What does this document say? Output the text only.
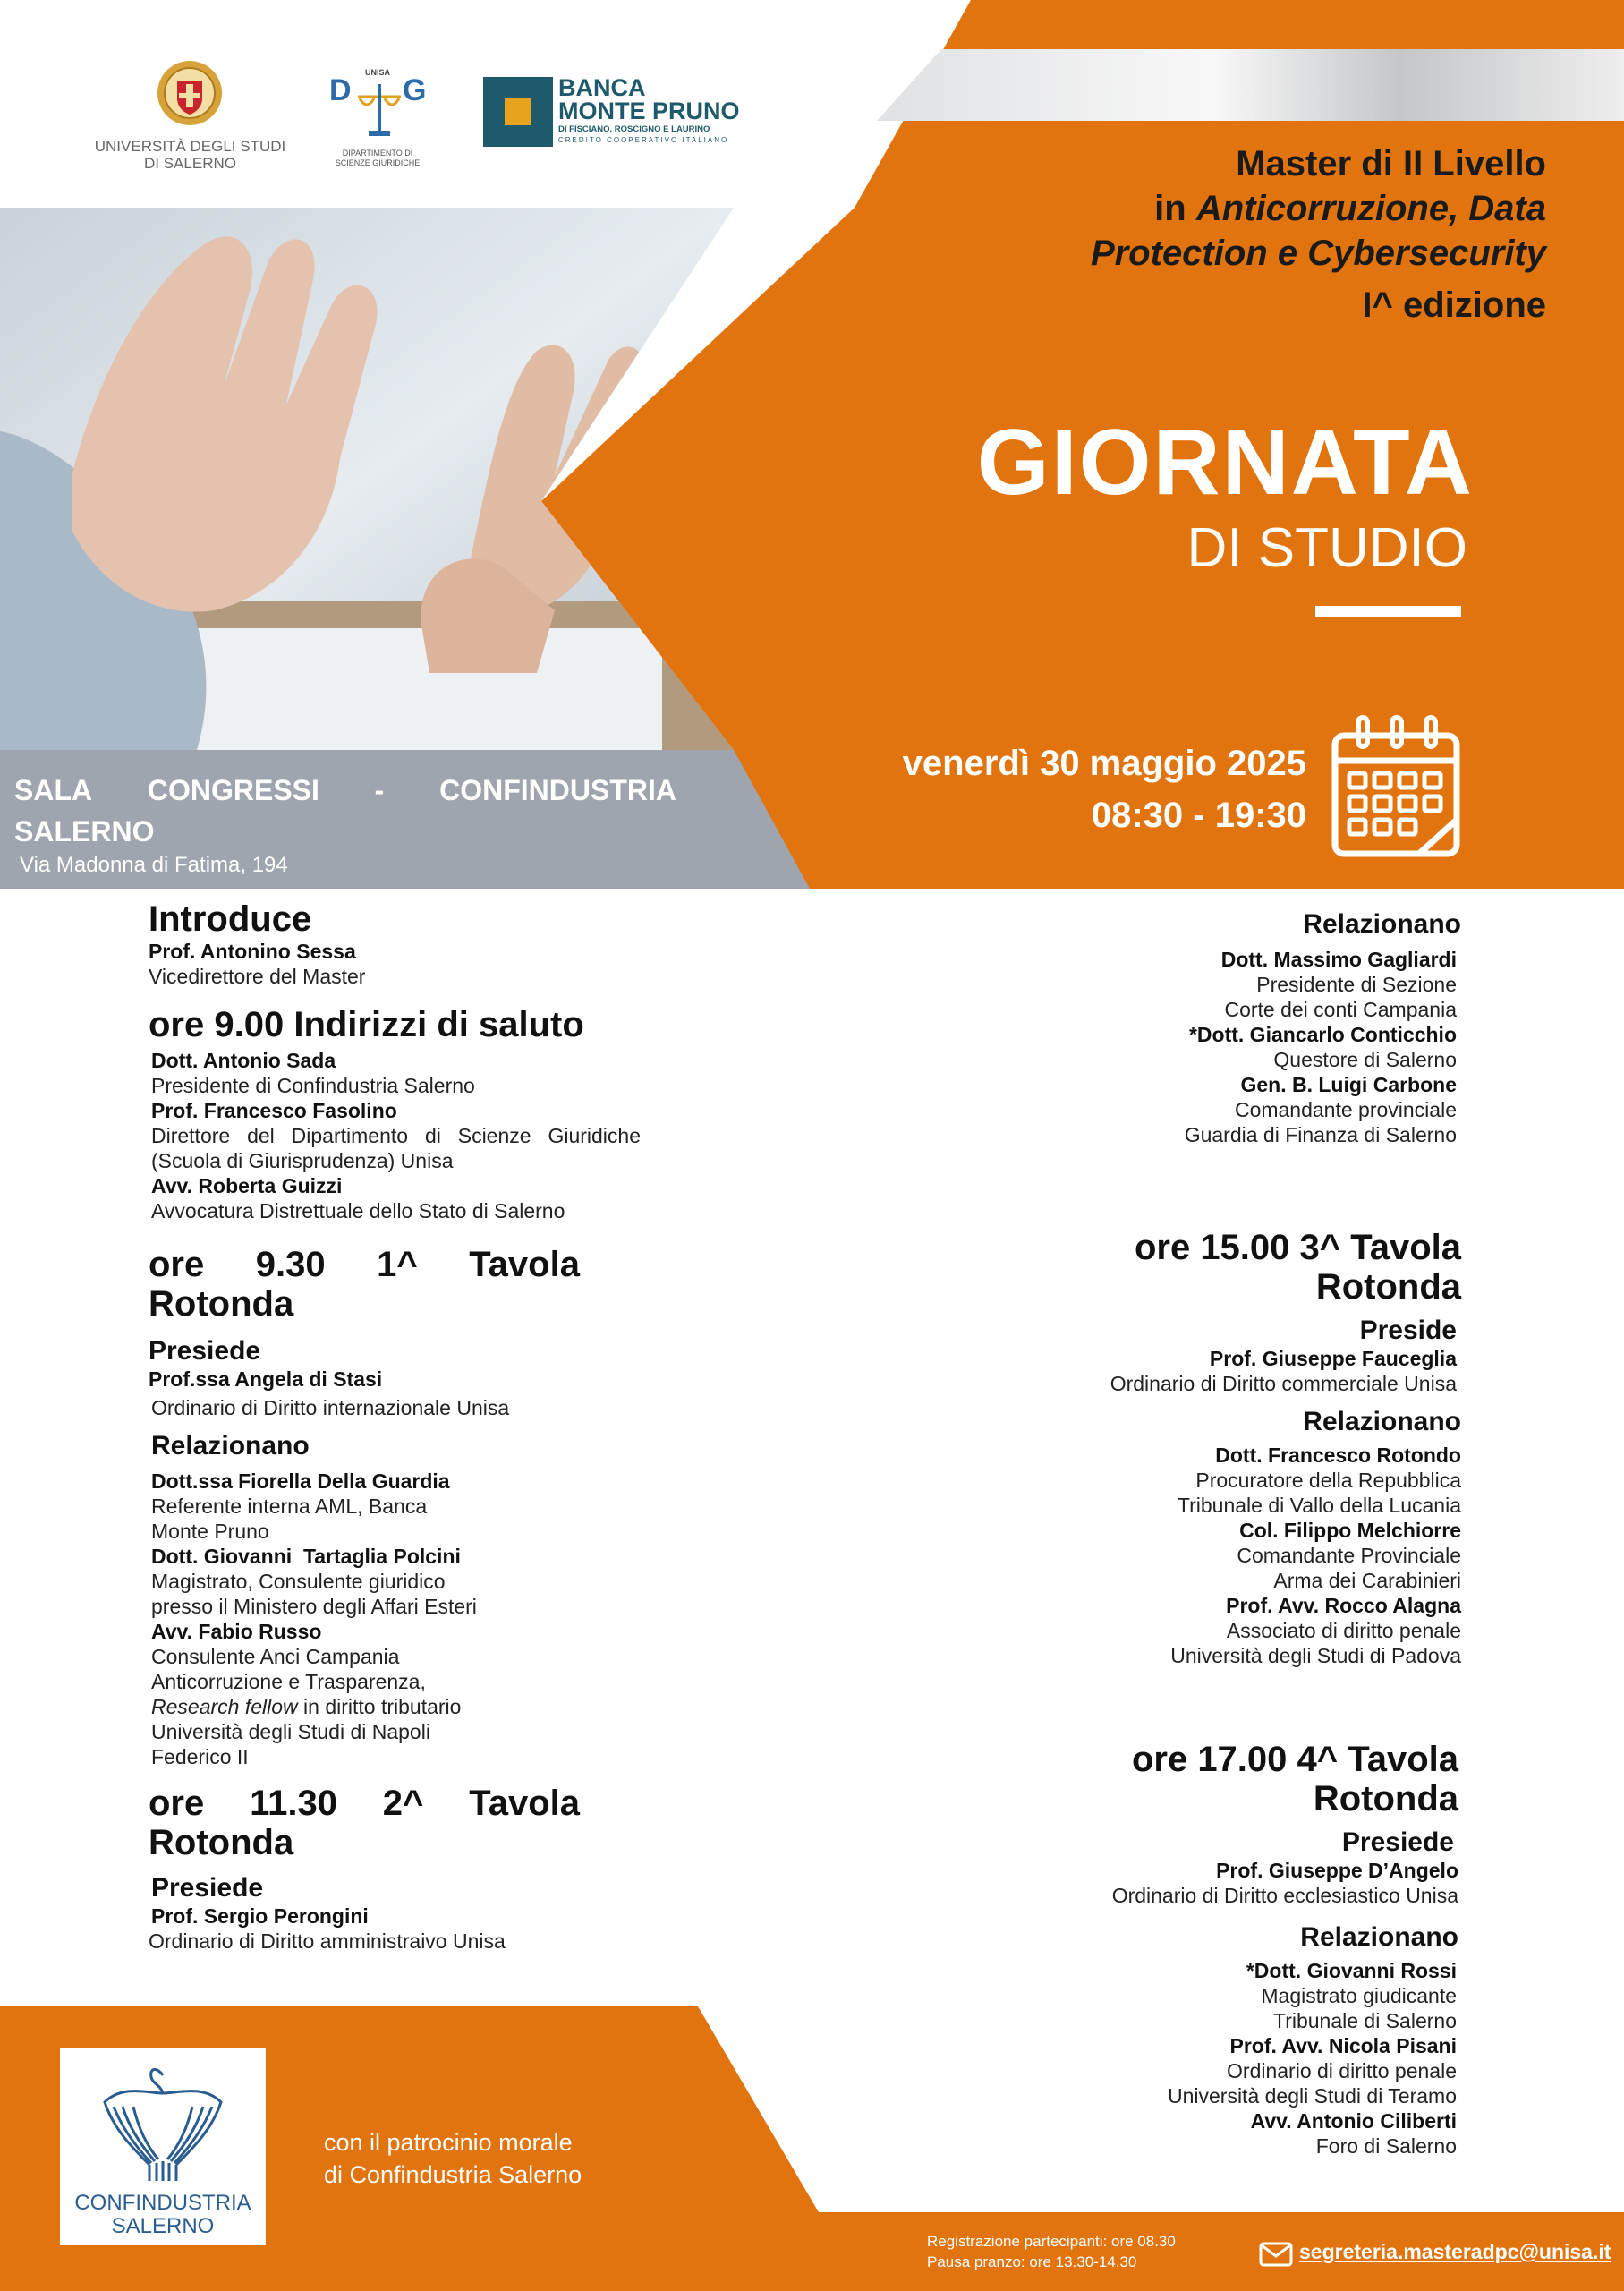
UNIVERSITÀ DEGLI STUDI
DI SALERNO
D G
UNISA
DIPARTIMENTO DI
SCIENZE GIURIDICHE
BANCA
MONTE PRUNO
DI FISCIANO, ROSCIGNO E LAURINO
CREDITO COOPERATIVO ITALIANO
Master di II Livello
in Anticorruzione, Data
Protection e Cybersecurity
I^ edizione
GIORNATA
DI STUDIO
venerdì 30 maggio 2025
08:30 - 19:30
SALA CONGRESSI - CONFINDUSTRIA
SALERNO
Via Madonna di Fatima, 194
Introduce
Prof. Antonino Sessa
Vicedirettore del Master
ore 9.00 Indirizzi di saluto
Dott. Antonio Sada
Presidente di Confindustria Salerno
Prof. Francesco Fasolino
Direttore del Dipartimento di Scienze Giuridiche (Scuola di Giurisprudenza) Unisa
Avv. Roberta Guizzi
Avvocatura Distrettuale dello Stato di Salerno
ore 9.30 1^ Tavola
Rotonda
Presiede
Prof.ssa Angela di Stasi
Ordinario di Diritto internazionale Unisa
Relazionano
Dott.ssa Fiorella Della Guardia
Referente interna AML, Banca
Monte Pruno
Dott. Giovanni  Tartaglia Polcini
Magistrato, Consulente giuridico
presso il Ministero degli Affari Esteri
Avv. Fabio Russo
Consulente Anci Campania
Anticorruzione e Trasparenza,
Research fellow in diritto tributario
Università degli Studi di Napoli
Federico II
ore 11.30 2^ Tavola
Rotonda
Presiede
Prof. Sergio Perongini
Ordinario di Diritto amministraivo Unisa
Relazionano
Dott. Massimo Gagliardi
Presidente di Sezione
Corte dei conti Campania
*Dott. Giancarlo Conticchio
Questore di Salerno
Gen. B. Luigi Carbone
Comandante provinciale
Guardia di Finanza di Salerno
ore 15.00 3^ Tavola
Rotonda
Preside
Prof. Giuseppe Fauceglia
Ordinario di Diritto commerciale Unisa
Relazionano
Dott. Francesco Rotondo
Procuratore della Repubblica
Tribunale di Vallo della Lucania
Col. Filippo Melchiorre
Comandante Provinciale
Arma dei Carabinieri
Prof. Avv. Rocco Alagna
Associato di diritto penale
Università degli Studi di Padova
ore 17.00 4^ Tavola
Rotonda
Presiede
Prof. Giuseppe D’Angelo
Ordinario di Diritto ecclesiastico Unisa
Relazionano
*Dott. Giovanni Rossi
Magistrato giudicante
Tribunale di Salerno
Prof. Avv. Nicola Pisani
Ordinario di diritto penale
Università degli Studi di Teramo
Avv. Antonio Ciliberti
Foro di Salerno
CONFINDUSTRIA
SALERNO
con il patrocinio morale
di Confindustria Salerno
Registrazione partecipanti: ore 08.30
Pausa pranzo: ore 13.30-14.30	segreteria.masteradpc@unisa.it
